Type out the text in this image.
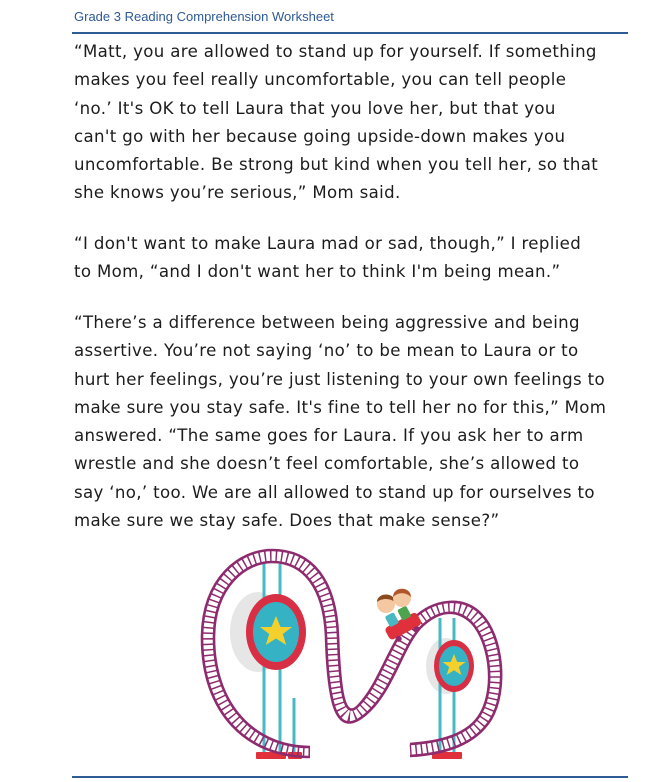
Grade 3 Reading Comprehension Worksheet

“Matt, you are allowed to stand up for yourself. If something
makes you feel really uncomfortable, you can tell people
‘no.’ It's OK to tell Laura that you love her, but that you
can't go with her because going upside-down makes you
uncomfortable. Be strong but kind when you tell her, so that
she knows you’re serious,” Mom said.

“I don't want to make Laura mad or sad, though,” I replied
to Mom, “and I don't want her to think I'm being mean.”

“There’s a difference between being aggressive and being
assertive. You’re not saying ‘no’ to be mean to Laura or to
hurt her feelings, you’re just listening to your own feelings to
make sure you stay safe. It's fine to tell her no for this,” Mom
answered. “The same goes for Laura. If you ask her to arm
wrestle and she doesn’t feel comfortable, she’s allowed to
say ‘no,’ too. We are all allowed to stand up for ourselves to
make sure we stay safe. Does that make sense?”
